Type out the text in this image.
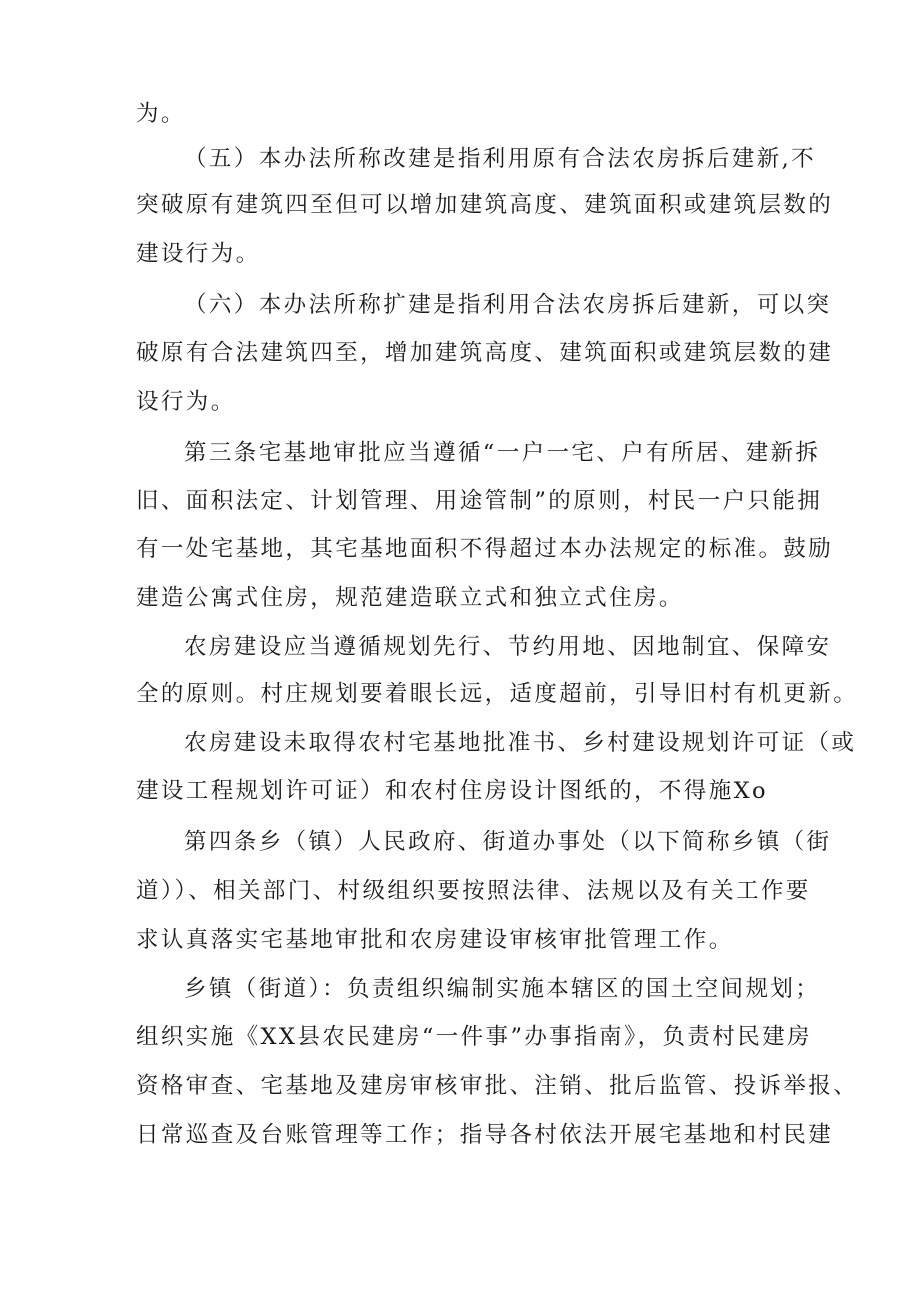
为。
（五）本办法所称改建是指利用原有合法农房拆后建新,不
突破原有建筑四至但可以增加建筑高度、建筑面积或建筑层数的
建设行为。
（六）本办法所称扩建是指利用合法农房拆后建新，可以突
破原有合法建筑四至，增加建筑高度、建筑面积或建筑层数的建
设行为。
第三条宅基地审批应当遵循“一户一宅、户有所居、建新拆
旧、面积法定、计划管理、用途管制”的原则，村民一户只能拥
有一处宅基地，其宅基地面积不得超过本办法规定的标准。鼓励
建造公寓式住房，规范建造联立式和独立式住房。
农房建设应当遵循规划先行、节约用地、因地制宜、保障安
全的原则。村庄规划要着眼长远，适度超前，引导旧村有机更新。
农房建设未取得农村宅基地批准书、乡村建设规划许可证（或
建设工程规划许可证）和农村住房设计图纸的，不得施Xo
第四条乡（镇）人民政府、街道办事处（以下简称乡镇（街
道））、相关部门、村级组织要按照法律、法规以及有关工作要
求认真落实宅基地审批和农房建设审核审批管理工作。
乡镇（街道）：负责组织编制实施本辖区的国土空间规划；
组织实施《XX县农民建房“一件事”办事指南》，负责村民建房
资格审查、宅基地及建房审核审批、注销、批后监管、投诉举报、
日常巡查及台账管理等工作；指导各村依法开展宅基地和村民建
